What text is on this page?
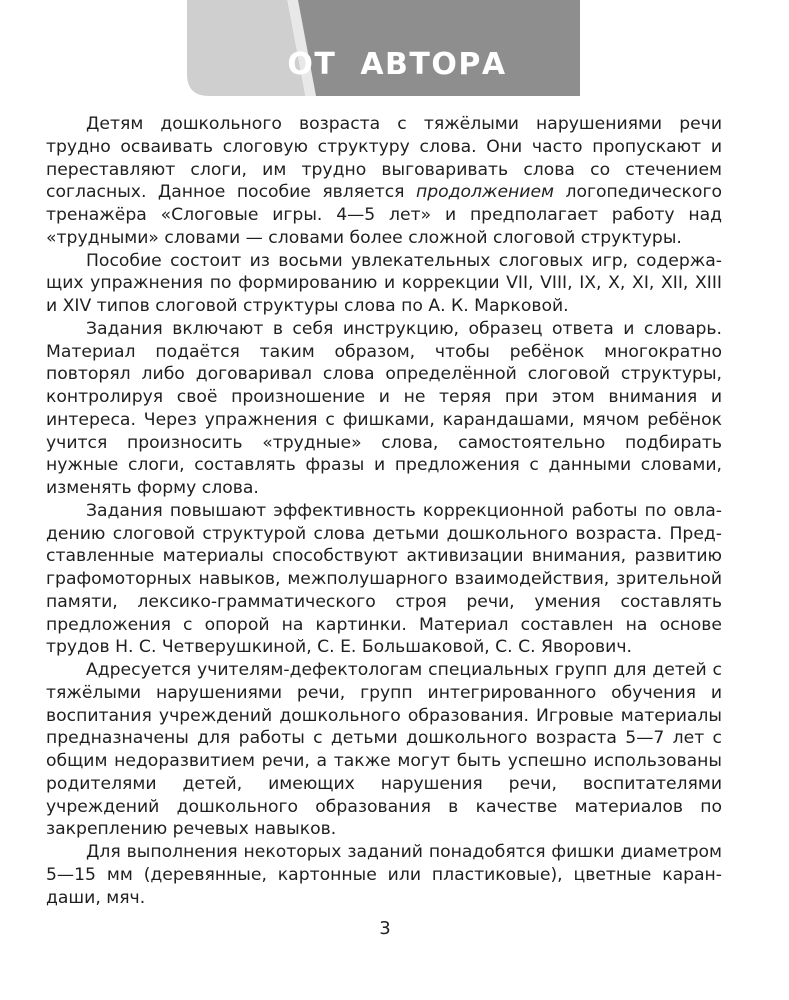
ОТ АВТОРА

Детям дошкольного возраста с тяжёлыми нарушениями речи трудно осваивать слоговую структуру слова. Они часто пропускают и переставляют слоги, им трудно выговаривать слова со стечением согласных. Данное пособие является продолжением логопедического тренажёра «Слоговые игры. 4—5 лет» и предполагает работу над «трудными» словами — словами более сложной слоговой структуры.

Пособие состоит из восьми увлекательных слоговых игр, содержащих упражнения по формированию и коррекции VII, VIII, IX, X, XI, XII, XIII и XIV типов слоговой структуры слова по А. К. Марковой.

Задания включают в себя инструкцию, образец ответа и словарь. Материал подаётся таким образом, чтобы ребёнок многократно повторял либо договаривал слова определённой слоговой структуры, контролируя своё произношение и не теряя при этом внимания и интереса. Через упражнения с фишками, карандашами, мячом ребёнок учится произносить «трудные» слова, самостоятельно подбирать нужные слоги, составлять фразы и предложения с данными словами, изменять форму слова.

Задания повышают эффективность коррекционной работы по овладению слоговой структурой слова детьми дошкольного возраста. Представленные материалы способствуют активизации внимания, развитию графомоторных навыков, межполушарного взаимодействия, зрительной памяти, лексико-грамматического строя речи, умения составлять предложения с опорой на картинки. Материал составлен на основе трудов Н. С. Четверушкиной, С. Е. Большаковой, С. С. Яворович.

Адресуется учителям-дефектологам специальных групп для детей с тяжёлыми нарушениями речи, групп интегрированного обучения и воспитания учреждений дошкольного образования. Игровые материалы предназначены для работы с детьми дошкольного возраста 5—7 лет с общим недоразвитием речи, а также могут быть успешно использованы родителями детей, имеющих нарушения речи, воспитателями учреждений дошкольного образования в качестве материалов по закреплению речевых навыков.

Для выполнения некоторых заданий понадобятся фишки диаметром 5—15 мм (деревянные, картонные или пластиковые), цветные карандаши, мяч.

3
